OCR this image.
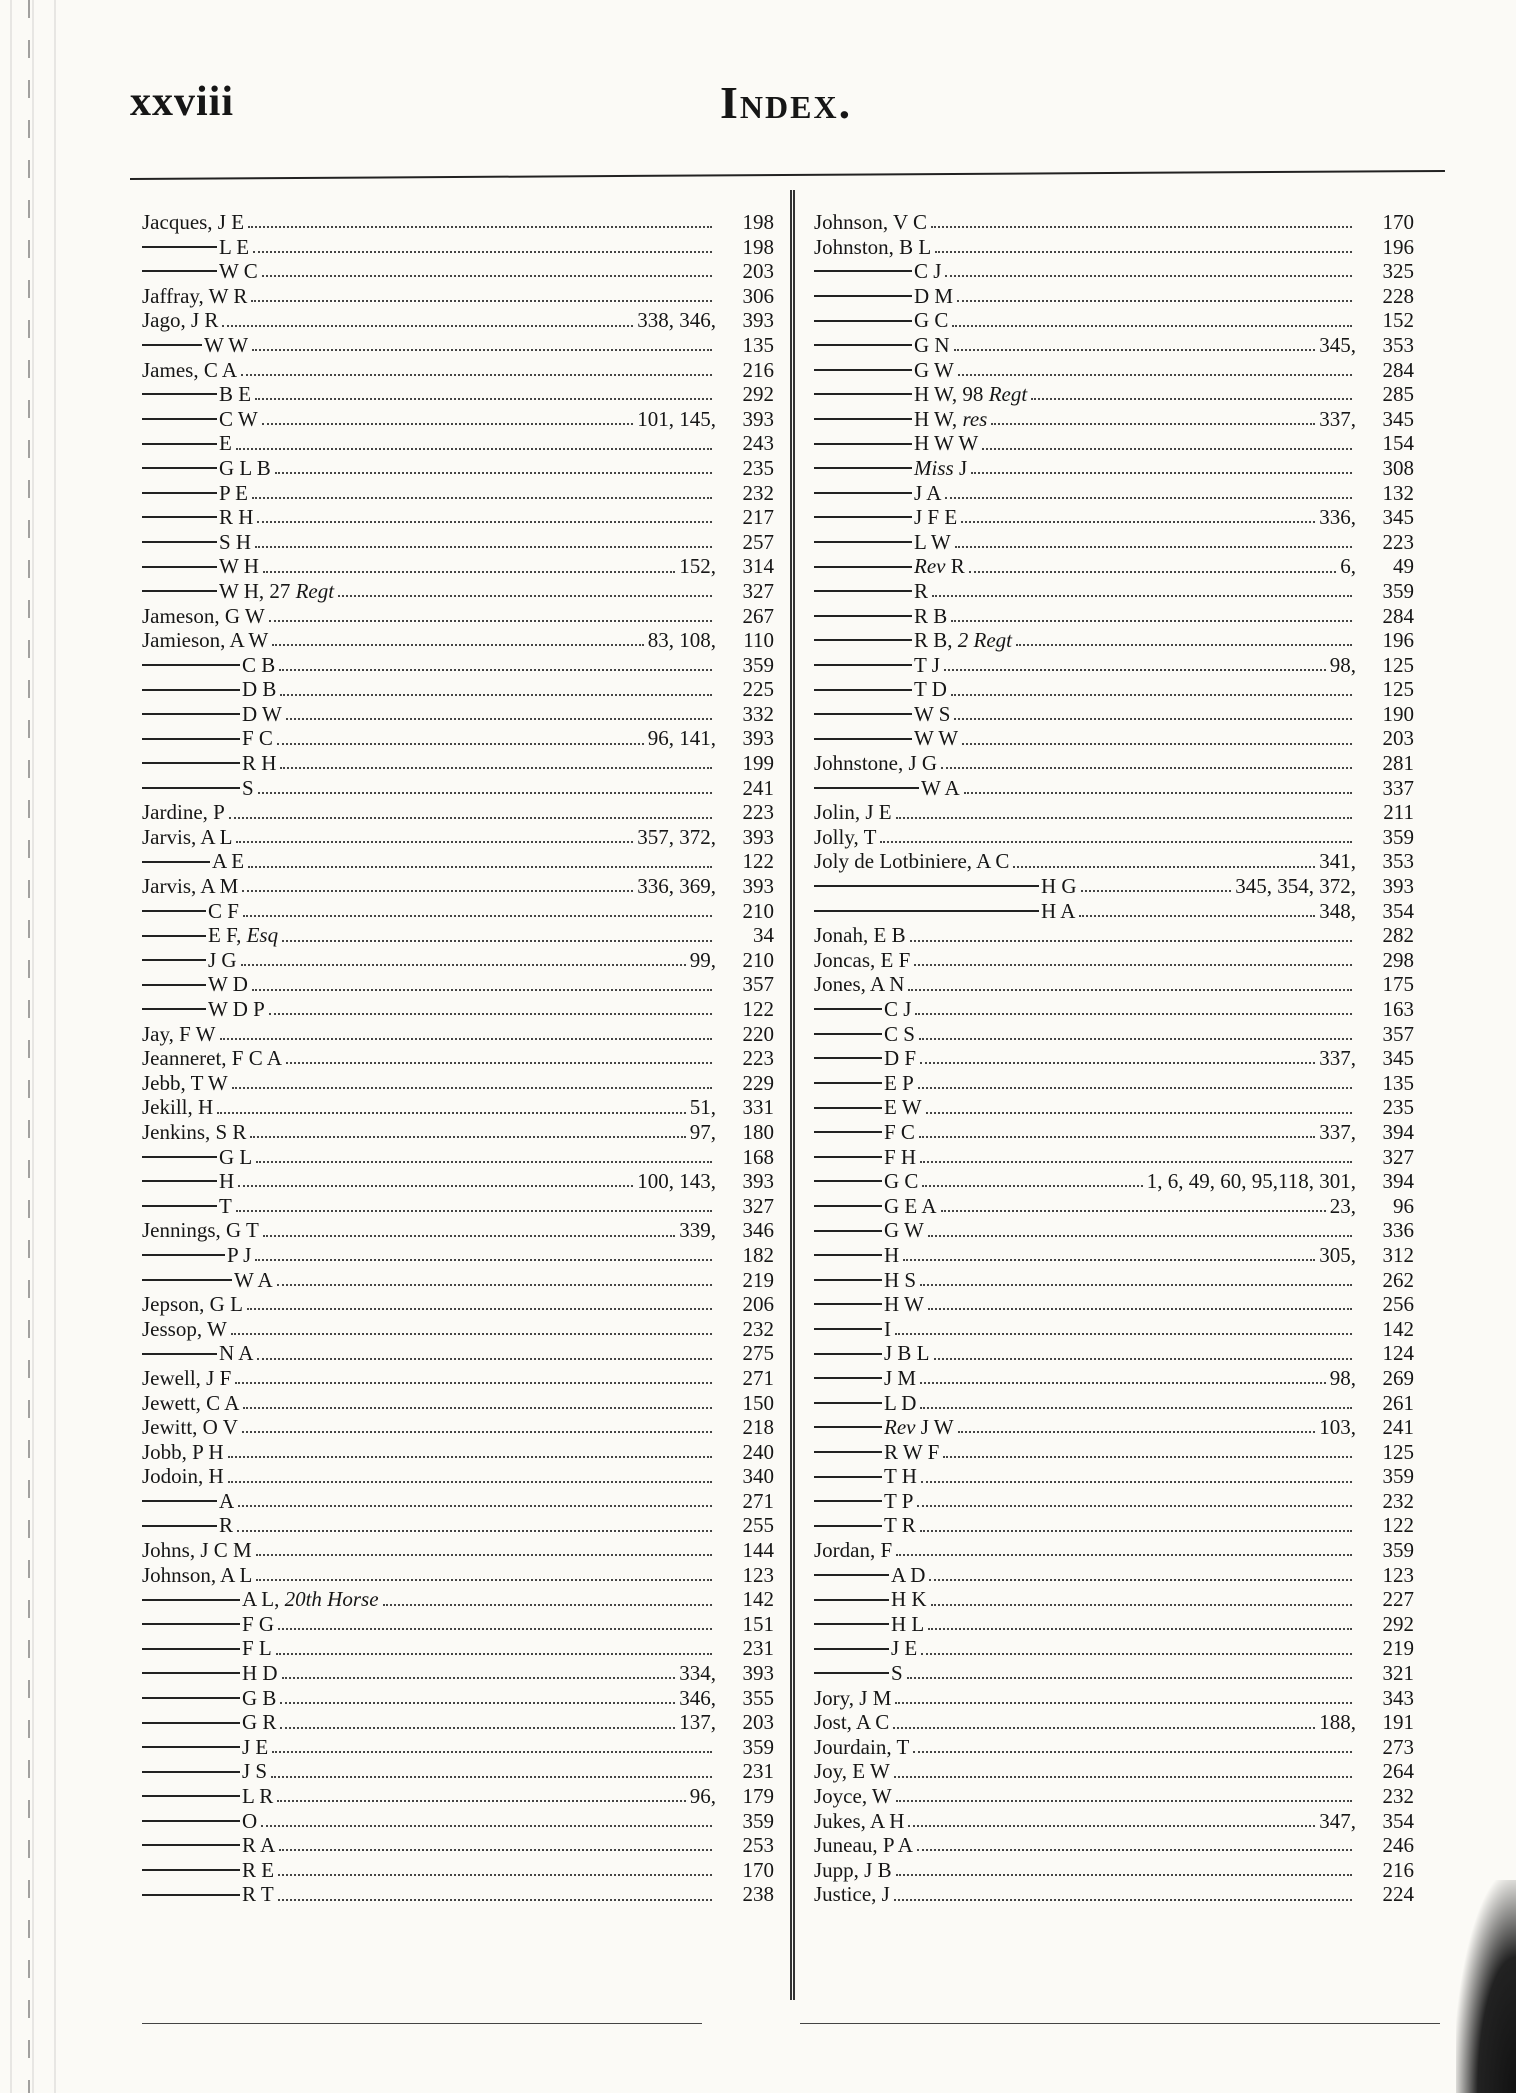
xxviii	Index.
Jacques, J E	198
L E	198
W C	203
Jaffray, W R	306
Jago, J R	338, 346,	393
W W	135
James, C A	216
B E	292
C W	101, 145,	393
E	243
G L B	235
P E	232
R H	217
S H	257
W H	152,	314
W H, 27 Regt	327
Jameson, G W	267
Jamieson, A W	83, 108,	110
C B	359
D B	225
D W	332
F C	96, 141,	393
R H	199
S	241
Jardine, P	223
Jarvis, A L	357, 372,	393
A E	122
Jarvis, A M	336, 369,	393
C F	210
E F, Esq	34
J G	99,	210
W D	357
W D P	122
Jay, F W	220
Jeanneret, F C A	223
Jebb, T W	229
Jekill, H	51,	331
Jenkins, S R	97,	180
G L	168
H	100, 143,	393
T	327
Jennings, G T	339,	346
P J	182
W A	219
Jepson, G L	206
Jessop, W	232
N A	275
Jewell, J F	271
Jewett, C A	150
Jewitt, O V	218
Jobb, P H	240
Jodoin, H	340
A	271
R	255
Johns, J C M	144
Johnson, A L	123
A L, 20th Horse	142
F G	151
F L	231
H D	334,	393
G B	346,	355
G R	137,	203
J E	359
J S	231
L R	96,	179
O	359
R A	253
R E	170
R T	238
Johnson, V C	170
Johnston, B L	196
C J	325
D M	228
G C	152
G N	345,	353
G W	284
H W, 98 Regt	285
H W, res	337,	345
H W W	154
Miss J	308
J A	132
J F E	336,	345
L W	223
Rev R	6,	49
R	359
R B	284
R B, 2 Regt	196
T J	98,	125
T D	125
W S	190
W W	203
Johnstone, J G	281
W A	337
Jolin, J E	211
Jolly, T	359
Joly de Lotbiniere, A C	341,	353
H G	345, 354, 372,	393
H A	348,	354
Jonah, E B	282
Joncas, E F	298
Jones, A N	175
C J	163
C S	357
D F	337,	345
E P	135
E W	235
F C	337,	394
F H	327
G C	1, 6, 49, 60, 95,118, 301,	394
G E A	23,	96
G W	336
H	305,	312
H S	262
H W	256
I	142
J B L	124
J M	98,	269
L D	261
Rev J W	103,	241
R W F	125
T H	359
T P	232
T R	122
Jordan, F	359
A D	123
H K	227
H L	292
J E	219
S	321
Jory, J M	343
Jost, A C	188,	191
Jourdain, T	273
Joy, E W	264
Joyce, W	232
Jukes, A H	347,	354
Juneau, P A	246
Jupp, J B	216
Justice, J	224
